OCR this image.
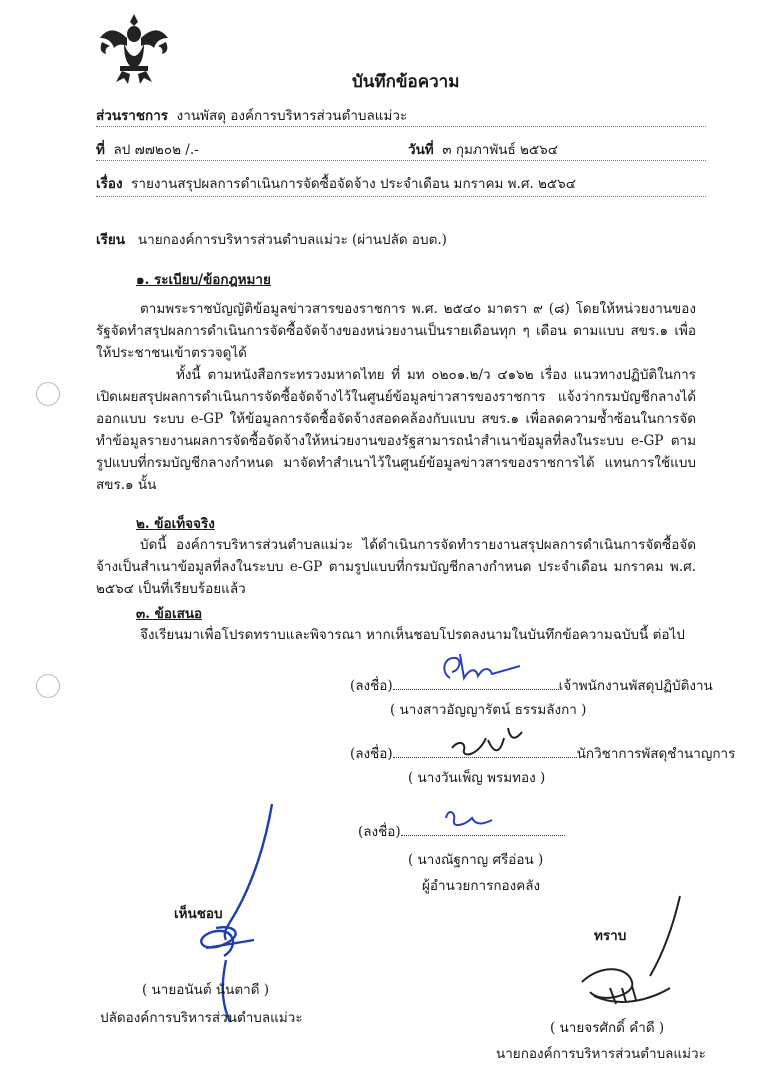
บันทึกข้อความ
ส่วนราชการ งานพัสดุ องค์การบริหารส่วนตำบลแม่วะ
ที่ ลป ๗๗๒๐๒ /.-	วันที่ ๓ กุมภาพันธ์ ๒๕๖๔
เรื่อง รายงานสรุปผลการดำเนินการจัดซื้อจัดจ้าง ประจำเดือน มกราคม พ.ศ. ๒๕๖๔
เรียน นายกองค์การบริหารส่วนตำบลแม่วะ (ผ่านปลัด อบต.)
๑. ระเบียบ/ข้อกฎหมาย
ตามพระราชบัญญัติข้อมูลข่าวสารของราชการ พ.ศ. ๒๕๔๐ มาตรา ๙ (๘) โดยให้หน่วยงานของรัฐจัดทำสรุปผลการดำเนินการจัดซื้อจัดจ้างของหน่วยงานเป็นรายเดือนทุก ๆ เดือน ตามแบบ สขร.๑ เพื่อให้ประชาชนเข้าตรวจดูได้
ทั้งนี้ ตามหนังสือกระทรวงมหาดไทย ที่ มท ๐๒๐๑.๒/ว ๔๑๖๒ เรื่อง แนวทางปฏิบัติในการเปิดเผยสรุปผลการดำเนินการจัดซื้อจัดจ้างไว้ในศูนย์ข้อมูลข่าวสารของราชการ แจ้งว่ากรมบัญชีกลางได้ออกแบบ ระบบ e-GP ให้ข้อมูลการจัดซื้อจัดจ้างสอดคล้องกับแบบ สขร.๑ เพื่อลดความซ้ำซ้อนในการจัดทำข้อมูลรายงานผลการจัดซื้อจัดจ้างให้หน่วยงานของรัฐสามารถนำสำเนาข้อมูลที่ลงในระบบ e-GP ตามรูปแบบที่กรมบัญชีกลางกำหนด มาจัดทำสำเนาไว้ในศูนย์ข้อมูลข่าวสารของราชการได้ แทนการใช้แบบ สขร.๑ นั้น
๒. ข้อเท็จจริง
บัดนี้ องค์การบริหารส่วนตำบลแม่วะ ได้ดำเนินการจัดทำรายงานสรุปผลการดำเนินการจัดซื้อจัดจ้างเป็นสำเนาข้อมูลที่ลงในระบบ e-GP ตามรูปแบบที่กรมบัญชีกลางกำหนด ประจำเดือน มกราคม พ.ศ. ๒๕๖๔ เป็นที่เรียบร้อยแล้ว
๓. ข้อเสนอ
จึงเรียนมาเพื่อโปรดทราบและพิจารณา หากเห็นชอบโปรดลงนามในบันทึกข้อความฉบับนี้ ต่อไป
(ลงชื่อ)	เจ้าพนักงานพัสดุปฏิบัติงาน
( นางสาวอัญญารัตน์ ธรรมลังกา )
(ลงชื่อ)	นักวิชาการพัสดุชำนาญการ
( นางวันเพ็ญ พรมทอง )
(ลงชื่อ)
( นางณัฐกาญ ศรีอ่อน )
ผู้อำนวยการกองคลัง
เห็นชอบ
( นายอนันต์ นันตาดี )
ปลัดองค์การบริหารส่วนตำบลแม่วะ
ทราบ
( นายจรศักดิ์ คำดี )
นายกองค์การบริหารส่วนตำบลแม่วะ
